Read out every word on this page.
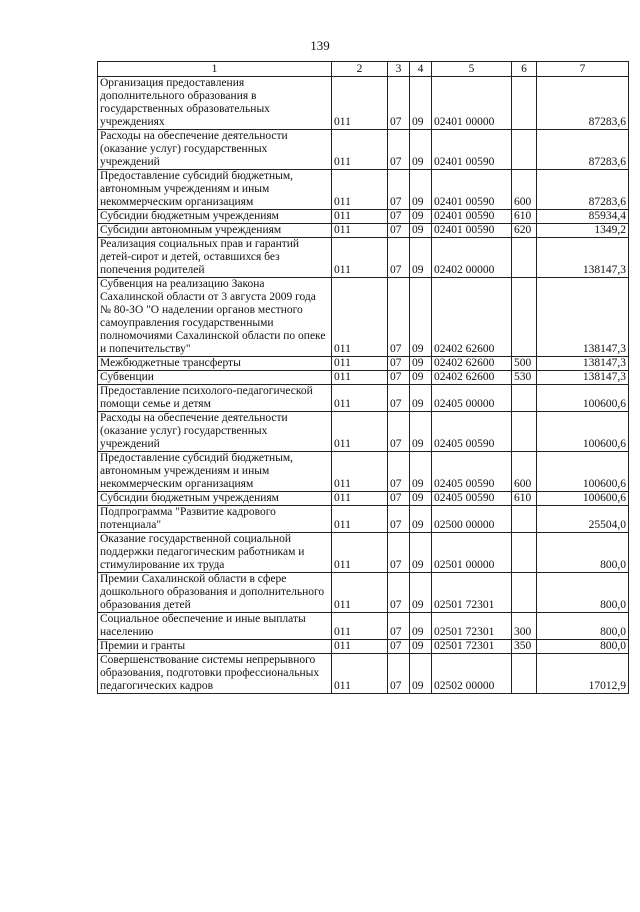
139
1	2	3	4	5	6	7
Организация предоставления дополнительного образования в государственных образовательных учреждениях	011	07	09	02401 00000		87283,6
Расходы на обеспечение деятельности (оказание услуг) государственных учреждений	011	07	09	02401 00590		87283,6
Предоставление субсидий бюджетным, автономным учреждениям и иным некоммерческим организациям	011	07	09	02401 00590	600	87283,6
Субсидии бюджетным учреждениям	011	07	09	02401 00590	610	85934,4
Субсидии автономным учреждениям	011	07	09	02401 00590	620	1349,2
Реализация социальных прав и гарантий детей-сирот и детей, оставшихся без попечения родителей	011	07	09	02402 00000		138147,3
Субвенция на реализацию Закона Сахалинской области от 3 августа 2009 года № 80-ЗО "О наделении органов местного самоуправления государственными полномочиями Сахалинской области по опеке и попечительству"	011	07	09	02402 62600		138147,3
Межбюджетные трансферты	011	07	09	02402 62600	500	138147,3
Субвенции	011	07	09	02402 62600	530	138147,3
Предоставление психолого-педагогической помощи семье и детям	011	07	09	02405 00000		100600,6
Расходы на обеспечение деятельности (оказание услуг) государственных учреждений	011	07	09	02405 00590		100600,6
Предоставление субсидий бюджетным, автономным учреждениям и иным некоммерческим организациям	011	07	09	02405 00590	600	100600,6
Субсидии бюджетным учреждениям	011	07	09	02405 00590	610	100600,6
Подпрограмма "Развитие кадрового потенциала"	011	07	09	02500 00000		25504,0
Оказание государственной социальной поддержки педагогическим работникам и стимулирование их труда	011	07	09	02501 00000		800,0
Премии Сахалинской области в сфере дошкольного образования и дополнительного образования детей	011	07	09	02501 72301		800,0
Социальное обеспечение и иные выплаты населению	011	07	09	02501 72301	300	800,0
Премии и гранты	011	07	09	02501 72301	350	800,0
Совершенствование системы непрерывного образования, подготовки профессиональных педагогических кадров	011	07	09	02502 00000		17012,9
